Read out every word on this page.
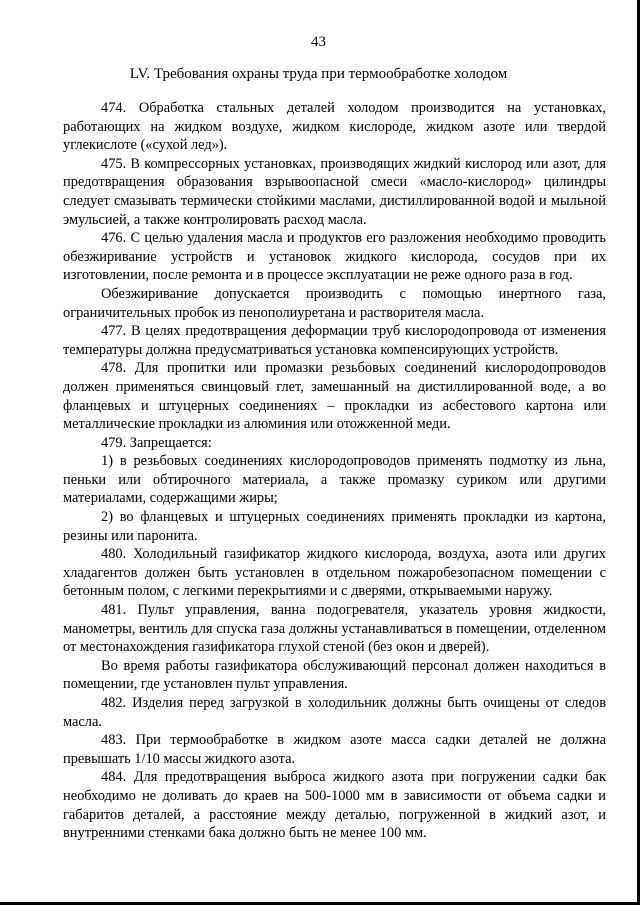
43
LV. Требования охраны труда при термообработке холодом

474. Обработка стальных деталей холодом производится на установках, работающих на жидком воздухе, жидком кислороде, жидком азоте или твердой углекислоте («сухой лед»).

475. В компрессорных установках, производящих жидкий кислород или азот, для предотвращения образования взрывоопасной смеси «масло-кислород» цилиндры следует смазывать термически стойкими маслами, дистиллированной водой и мыльной эмульсией, а также контролировать расход масла.

476. С целью удаления масла и продуктов его разложения необходимо проводить обезжиривание устройств и установок жидкого кислорода, сосудов при их изготовлении, после ремонта и в процессе эксплуатации не реже одного раза в год.

Обезжиривание допускается производить с помощью инертного газа, ограничительных пробок из пенополиуретана и растворителя масла.

477. В целях предотвращения деформации труб кислородопровода от изменения температуры должна предусматриваться установка компенсирующих устройств.

478. Для пропитки или промазки резьбовых соединений кислородопроводов должен применяться свинцовый глет, замешанный на дистиллированной воде, а во фланцевых и штуцерных соединениях – прокладки из асбестового картона или металлические прокладки из алюминия или отожженной меди.

479. Запрещается:

1) в резьбовых соединениях кислородопроводов применять подмотку из льна, пеньки или обтирочного материала, а также промазку суриком или другими материалами, содержащими жиры;

2) во фланцевых и штуцерных соединениях применять прокладки из картона, резины или паронита.

480. Холодильный газификатор жидкого кислорода, воздуха, азота или других хладагентов должен быть установлен в отдельном пожаробезопасном помещении с бетонным полом, с легкими перекрытиями и с дверями, открываемыми наружу.

481. Пульт управления, ванна подогревателя, указатель уровня жидкости, манометры, вентиль для спуска газа должны устанавливаться в помещении, отделенном от местонахождения газификатора глухой стеной (без окон и дверей).

Во время работы газификатора обслуживающий персонал должен находиться в помещении, где установлен пульт управления.

482. Изделия перед загрузкой в холодильник должны быть очищены от следов масла.

483. При термообработке в жидком азоте масса садки деталей не должна превышать 1/10 массы жидкого азота.

484. Для предотвращения выброса жидкого азота при погружении садки бак необходимо не доливать до краев на 500-1000 мм в зависимости от объема садки и габаритов деталей, а расстояние между деталью, погруженной в жидкий азот, и внутренними стенками бака должно быть не менее 100 мм.
